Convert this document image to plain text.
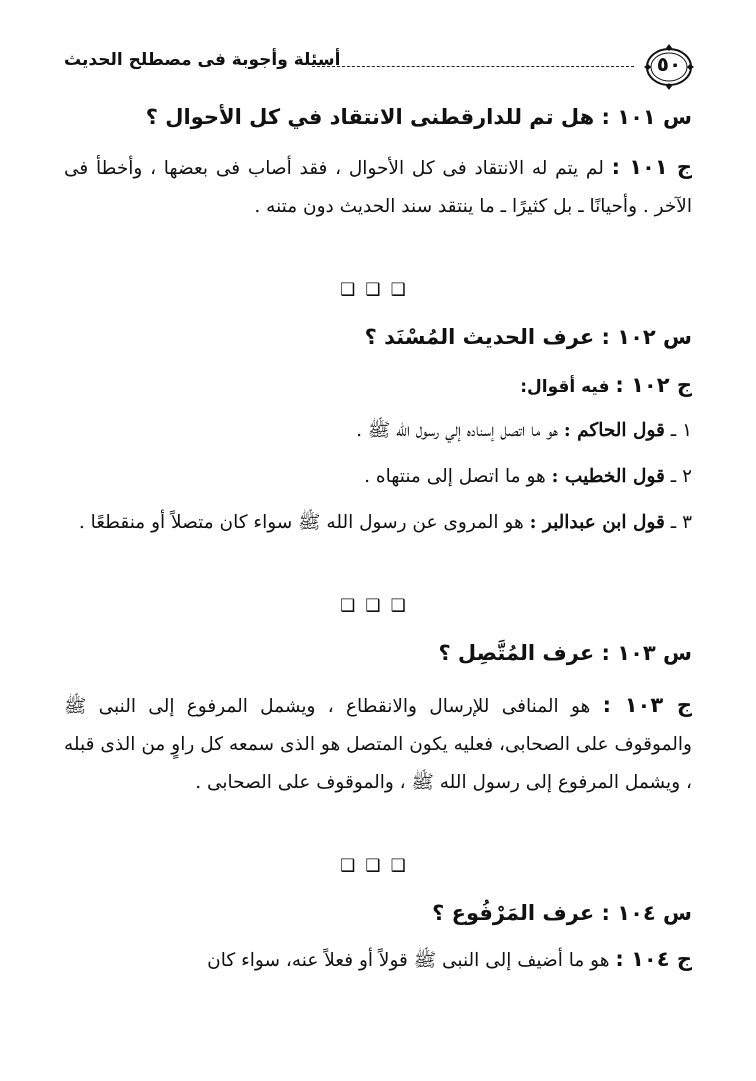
٥٠
أسئلة وأجوبة فى مصطلح الحديث
س ١٠١ : هل تم للدارقطنى الانتقاد في كل الأحوال ؟
ج ١٠١ : لم يتم له الانتقاد فى كل الأحوال ، فقد أصاب فى بعضها ، وأخطأ فى الآخر . وأحيانًا ـ بل كثيرًا ـ ما ينتقد سند الحديث دون متنه .
❑❑❑
س ١٠٢ : عرف الحديث المُسْنَد ؟
ج ١٠٢ : فيه أقوال:
١ ـ قول الحاكم : هو ما اتصل إسناده إلي رسول الله ﷺ .
٢ ـ قول الخطيب : هو ما اتصل إلى منتهاه .
٣ ـ قول ابن عبدالبر : هو المروى عن رسول الله ﷺ سواء كان متصلاً أو منقطعًا .
❑❑❑
س ١٠٣ : عرف المُتَّصِل ؟
ج ١٠٣ : هو المنافى للإرسال والانقطاع ، ويشمل المرفوع إلى النبى ﷺ والموقوف على الصحابى، فعليه يكون المتصل هو الذى سمعه كل راوٍ من الذى قبله ، ويشمل المرفوع إلى رسول الله ﷺ ، والموقوف على الصحابى .
❑❑❑
س ١٠٤ : عرف المَرْفُوع ؟
ج ١٠٤ : هو ما أضيف إلى النبى ﷺ قولاً أو فعلاً عنه، سواء كان
